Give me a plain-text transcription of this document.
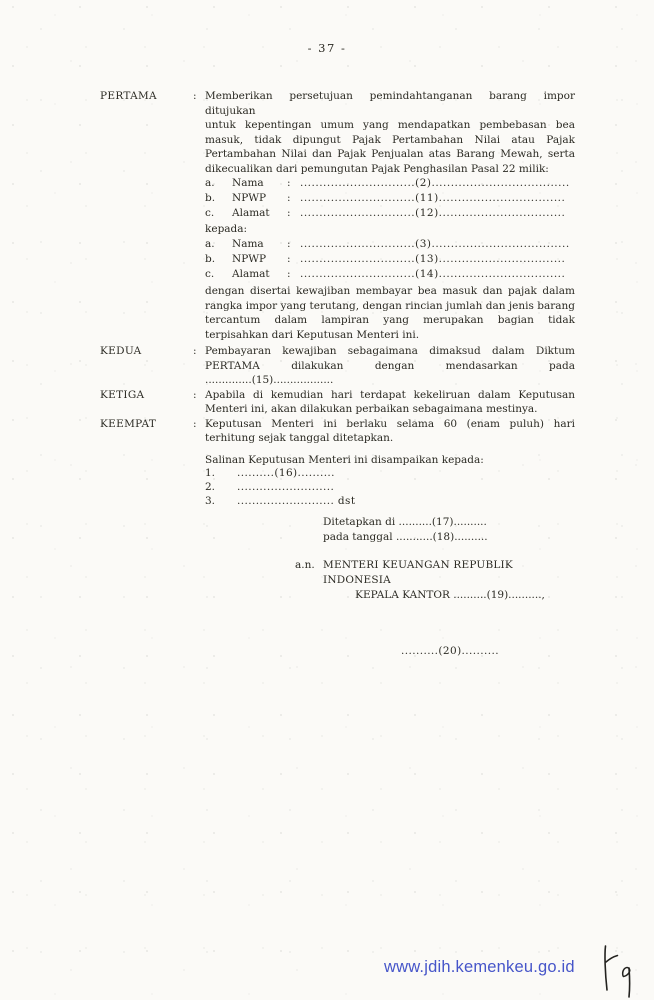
- 37 -
PERTAMA	: Memberikan persetujuan pemindahtanganan barang impor ditujukan
untuk kepentingan umum yang mendapatkan pembebasan bea
masuk, tidak dipungut Pajak Pertambahan Nilai atau Pajak
Pertambahan Nilai dan Pajak Penjualan atas Barang Mewah, serta
dikecualikan dari pemungutan Pajak Penghasilan Pasal 22 milik:
a.	Nama	: ..............................(2)....................................
b.	NPWP	: ..............................(11).................................
c.	Alamat	: ..............................(12).................................
kepada:
a.	Nama	: ..............................(3)....................................
b.	NPWP	: ..............................(13).................................
c.	Alamat	: ..............................(14).................................
dengan disertai kewajiban membayar bea masuk dan pajak dalam
rangka impor yang terutang, dengan rincian jumlah dan jenis barang
tercantum dalam lampiran yang merupakan bagian tidak
terpisahkan dari Keputusan Menteri ini.
KEDUA	: Pembayaran kewajiban sebagaimana dimaksud dalam Diktum
PERTAMA dilakukan dengan mendasarkan pada
..............(15)..................
KETIGA	: Apabila di kemudian hari terdapat kekeliruan dalam Keputusan
Menteri ini, akan dilakukan perbaikan sebagaimana mestinya.
KEEMPAT	: Keputusan Menteri ini berlaku selama 60 (enam puluh) hari
terhitung sejak tanggal ditetapkan.
Salinan Keputusan Menteri ini disampaikan kepada:
1.	..........(16)..........
2.	..........................
3.	.......................... dst
Ditetapkan di ..........(17)..........
pada tanggal ...........(18)..........
a.n. MENTERI KEUANGAN REPUBLIK INDONESIA
KEPALA KANTOR ..........(19)..........,
..........(20)..........
www.jdih.kemenkeu.go.id
